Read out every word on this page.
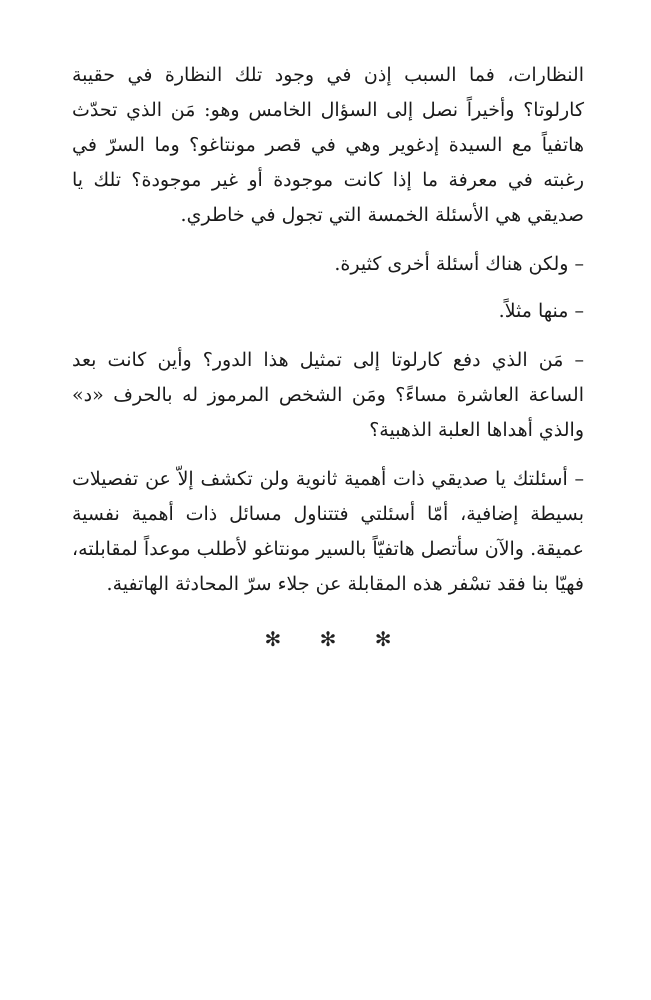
النظارات، فما السبب إذن في وجود تلك النظارة في حقيبة كارلوتا؟ وأخيراً نصل إلى السؤال الخامس وهو: مَن الذي تحدّث هاتفياً مع السيدة إدغوير وهي في قصر مونتاغو؟ وما السرّ في رغبته في معرفة ما إذا كانت موجودة أو غير موجودة؟ تلك يا صديقي هي الأسئلة الخمسة التي تجول في خاطري.

– ولكن هناك أسئلة أخرى كثيرة.

– منها مثلاً.

– مَن الذي دفع كارلوتا إلى تمثيل هذا الدور؟ وأين كانت بعد الساعة العاشرة مساءً؟ ومَن الشخص المرموز له بالحرف «د» والذي أهداها العلبة الذهبية؟

– أسئلتك يا صديقي ذات أهمية ثانوية ولن تكشف إلاّ عن تفصيلات بسيطة إضافية، أمّا أسئلتي فتتناول مسائل ذات أهمية نفسية عميقة. والآن سأتصل هاتفيّاً بالسير مونتاغو لأطلب موعداً لمقابلته، فهيّا بنا فقد تسْفر هذه المقابلة عن جلاء سرّ المحادثة الهاتفية.

✻ ✻ ✻
